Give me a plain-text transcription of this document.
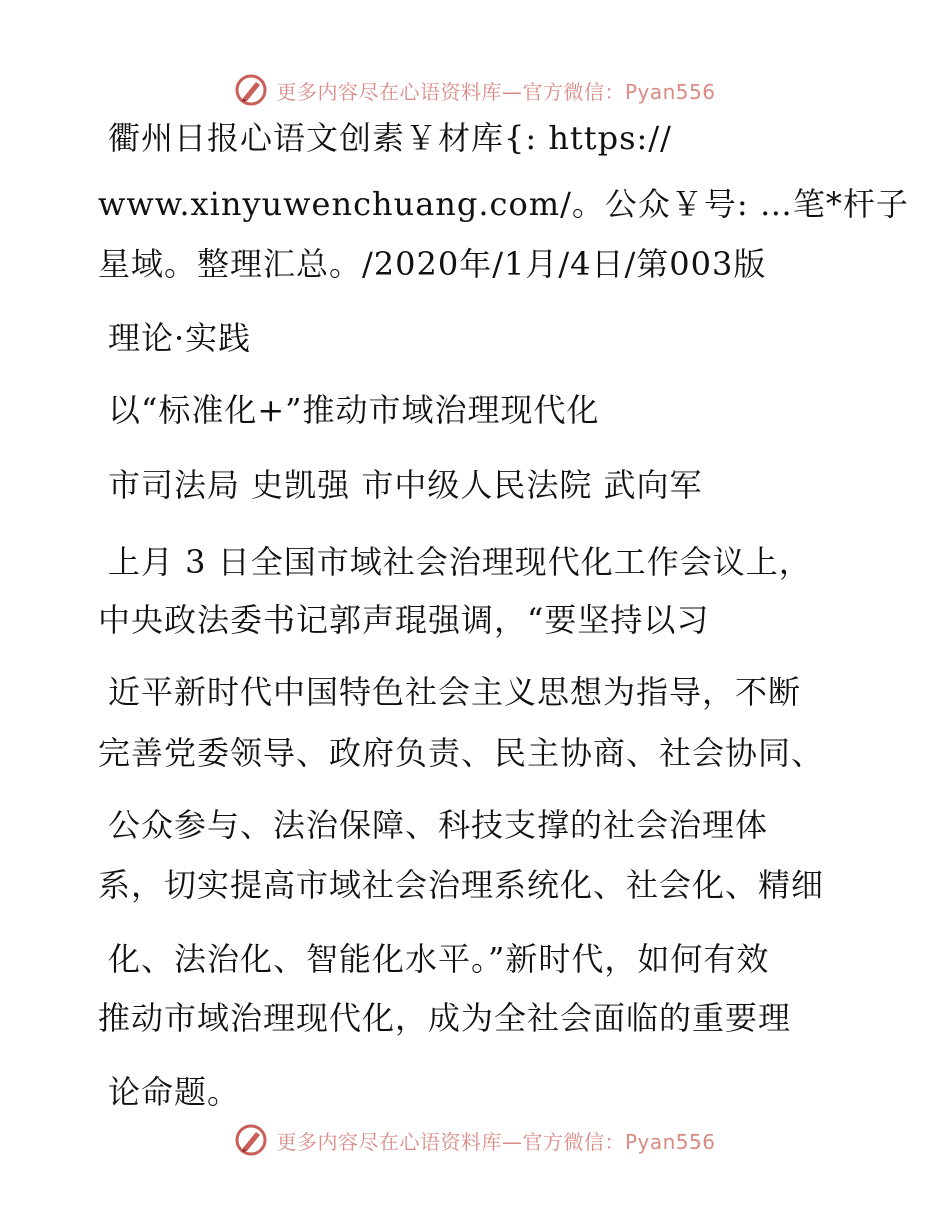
更多内容尽在心语资料库—官方微信：Pyan556
衢州日报心语文创素￥材库{: https://
www.xinyuwenchuang.com/。公众￥号: …笔*杆子
星域。整理汇总。/2020年/1月/4日/第003版
理论·实践
以“标准化+”推动市域治理现代化
市司法局 史凯强 市中级人民法院 武向军
上月 3 日全国市域社会治理现代化工作会议上，
中央政法委书记郭声琨强调，“要坚持以习
近平新时代中国特色社会主义思想为指导，不断
完善党委领导、政府负责、民主协商、社会协同、
公众参与、法治保障、科技支撑的社会治理体
系，切实提高市域社会治理系统化、社会化、精细
化、法治化、智能化水平。”新时代，如何有效
推动市域治理现代化，成为全社会面临的重要理
论命题。
更多内容尽在心语资料库—官方微信：Pyan556
